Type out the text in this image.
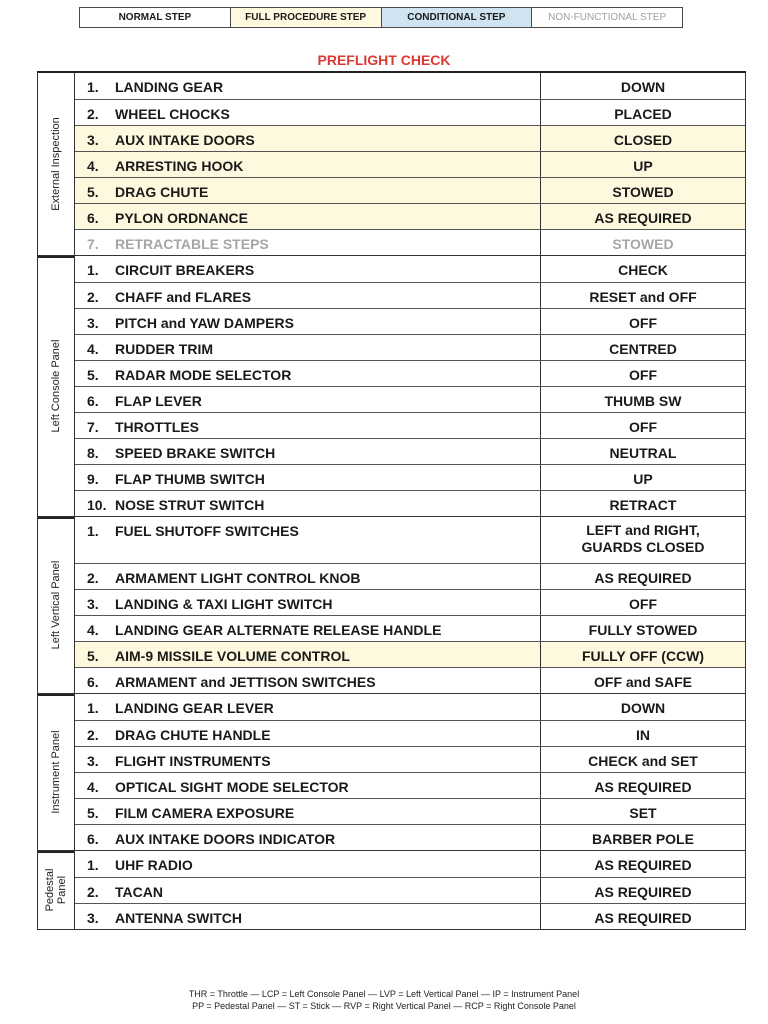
NORMAL STEP	FULL PROCEDURE STEP	CONDITIONAL STEP	NON-FUNCTIONAL STEP
PREFLIGHT CHECK
External Inspection
1.	LANDING GEAR	DOWN
2.	WHEEL CHOCKS	PLACED
3.	AUX INTAKE DOORS	CLOSED
4.	ARRESTING HOOK	UP
5.	DRAG CHUTE	STOWED
6.	PYLON ORDNANCE	AS REQUIRED
7.	RETRACTABLE STEPS	STOWED
Left Console Panel
1.	CIRCUIT BREAKERS	CHECK
2.	CHAFF and FLARES	RESET and OFF
3.	PITCH and YAW DAMPERS	OFF
4.	RUDDER TRIM	CENTRED
5.	RADAR MODE SELECTOR	OFF
6.	FLAP LEVER	THUMB SW
7.	THROTTLES	OFF
8.	SPEED BRAKE SWITCH	NEUTRAL
9.	FLAP THUMB SWITCH	UP
10. NOSE STRUT SWITCH	RETRACT
Left Vertical Panel
1.	FUEL SHUTOFF SWITCHES	LEFT and RIGHT,
GUARDS CLOSED
2.	ARMAMENT LIGHT CONTROL KNOB	AS REQUIRED
3.	LANDING & TAXI LIGHT SWITCH	OFF
4.	LANDING GEAR ALTERNATE RELEASE HANDLE	FULLY STOWED
5.	AIM-9 MISSILE VOLUME CONTROL	FULLY OFF (CCW)
6.	ARMAMENT and JETTISON SWITCHES	OFF and SAFE
Instrument Panel
1.	LANDING GEAR LEVER	DOWN
2.	DRAG CHUTE HANDLE	IN
3.	FLIGHT INSTRUMENTS	CHECK and SET
4.	OPTICAL SIGHT MODE SELECTOR	AS REQUIRED
5.	FILM CAMERA EXPOSURE	SET
6.	AUX INTAKE DOORS INDICATOR	BARBER POLE
Pedestal
Panel
1.	UHF RADIO	AS REQUIRED
2.	TACAN	AS REQUIRED
3.	ANTENNA SWITCH	AS REQUIRED
THR = Throttle — LCP = Left Console Panel — LVP = Left Vertical Panel — IP = Instrument Panel
PP = Pedestal Panel — ST = Stick — RVP = Right Vertical Panel — RCP = Right Console Panel
